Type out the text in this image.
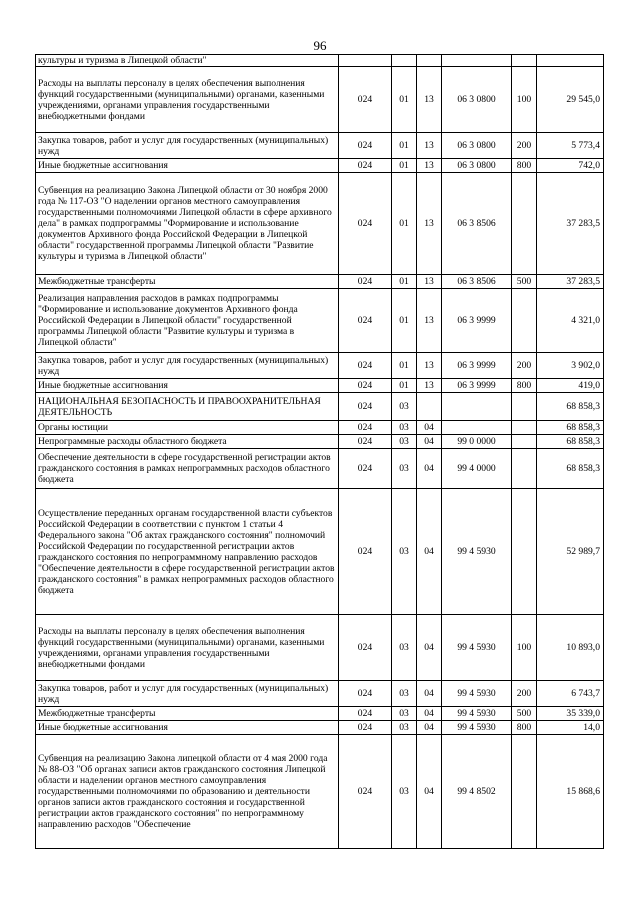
96
культуры и туризма в Липецкой области"						
Расходы на выплаты персоналу в целях обеспечения выполнения функций государственными (муниципальными) органами, казенными учреждениями, органами управления государственными внебюджетными фондами	024	01	13	06 3 0800	100	29 545,0
Закупка товаров, работ и услуг для государственных (муниципальных) нужд	024	01	13	06 3 0800	200	5 773,4
Иные бюджетные ассигнования	024	01	13	06 3 0800	800	742,0
Субвенция на реализацию Закона Липецкой области от 30 ноября 2000 года № 117-ОЗ "О наделении органов местного самоуправления государственными полномочиями Липецкой области в сфере архивного дела" в рамках подпрограммы "Формирование и использование документов Архивного фонда Российской Федерации в Липецкой области" государственной программы Липецкой области "Развитие культуры и туризма в Липецкой области"	024	01	13	06 3 8506		37 283,5
Межбюджетные трансферты	024	01	13	06 3 8506	500	37 283,5
Реализация направления расходов в рамках подпрограммы "Формирование и использование документов Архивного фонда Российской Федерации в Липецкой области" государственной программы Липецкой области "Развитие культуры и туризма в Липецкой области"	024	01	13	06 3 9999		4 321,0
Закупка товаров, работ и услуг для государственных (муниципальных) нужд	024	01	13	06 3 9999	200	3 902,0
Иные бюджетные ассигнования	024	01	13	06 3 9999	800	419,0
НАЦИОНАЛЬНАЯ БЕЗОПАСНОСТЬ И ПРАВООХРАНИТЕЛЬНАЯ ДЕЯТЕЛЬНОСТЬ	024	03				68 858,3
Органы юстиции	024	03	04			68 858,3
Непрограммные расходы областного бюджета	024	03	04	99 0 0000		68 858,3
Обеспечение деятельности в сфере государственной регистрации актов гражданского состояния в рамках непрограммных расходов областного бюджета	024	03	04	99 4 0000		68 858,3
Осуществление переданных органам государственной власти субъектов Российской Федерации в соответствии с пунктом 1 статьи 4 Федерального закона "Об актах гражданского состояния" полномочий Российской Федерации по государственной регистрации актов гражданского состояния по непрограммному направлению расходов "Обеспечение деятельности в сфере государственной регистрации актов гражданского состояния" в рамках непрограммных расходов областного бюджета	024	03	04	99 4 5930		52 989,7
Расходы на выплаты персоналу в целях обеспечения выполнения функций государственными (муниципальными) органами, казенными учреждениями, органами управления государственными внебюджетными фондами	024	03	04	99 4 5930	100	10 893,0
Закупка товаров, работ и услуг для государственных (муниципальных) нужд	024	03	04	99 4 5930	200	6 743,7
Межбюджетные трансферты	024	03	04	99 4 5930	500	35 339,0
Иные бюджетные ассигнования	024	03	04	99 4 5930	800	14,0
Субвенция на реализацию Закона липецкой области от 4 мая 2000 года № 88-ОЗ "Об органах записи актов гражданского состояния Липецкой области и наделении органов местного самоуправления государственными полномочиями по образованию и деятельности органов записи актов гражданского состояния и государственной регистрации актов гражданского состояния" по непрограммному направлению расходов "Обеспечение	024	03	04	99 4 8502		15 868,6
